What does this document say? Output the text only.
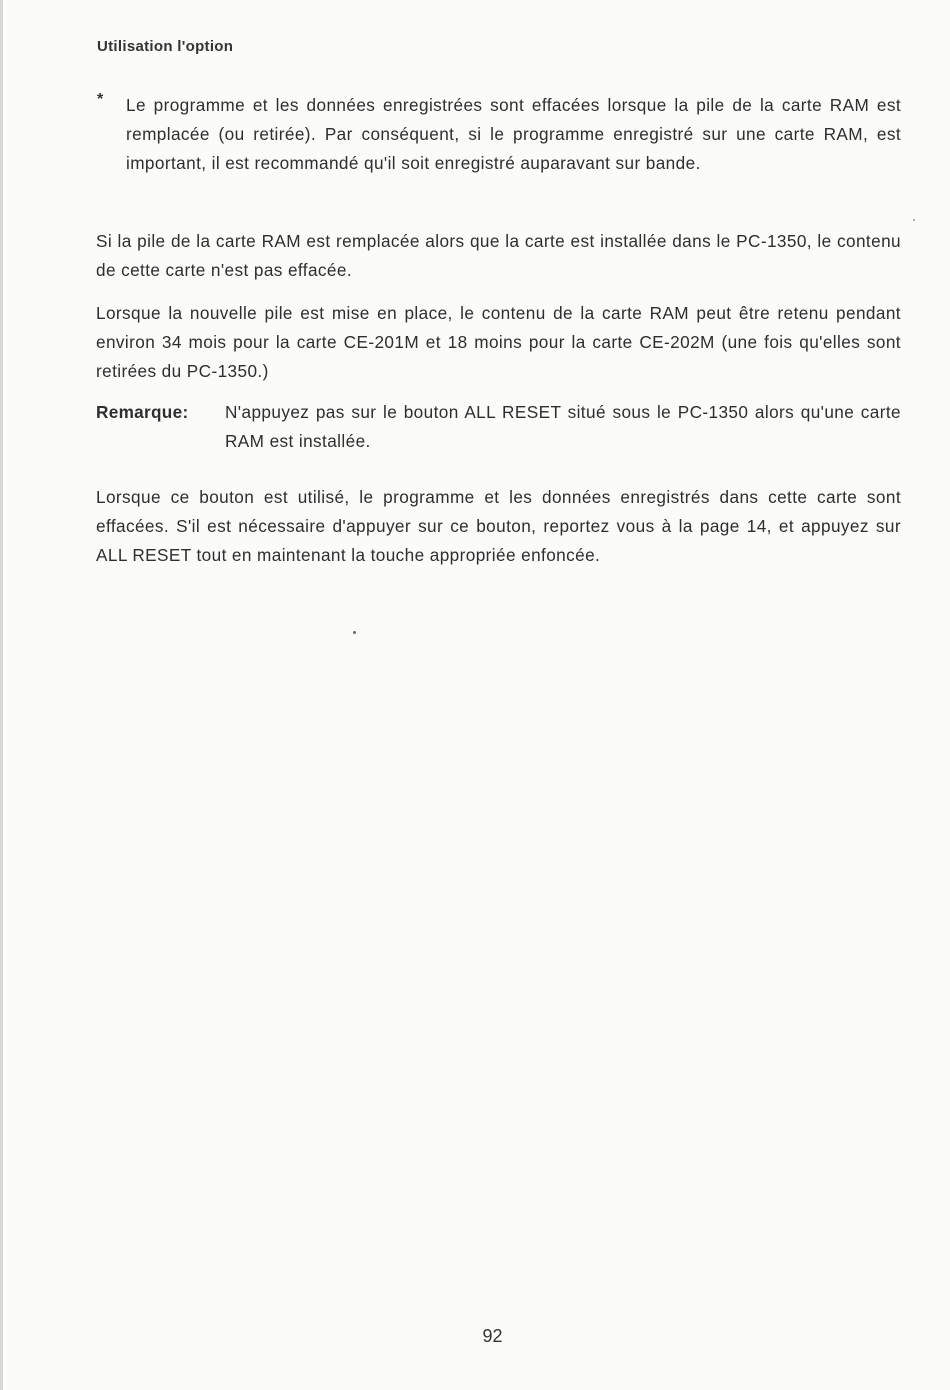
Utilisation l'option
* Le programme et les données enregistrées sont effacées lorsque la pile de la carte RAM est remplacée (ou retirée). Par conséquent, si le programme enregistré sur une carte RAM, est important, il est recommandé qu'il soit enregistré auparavant sur bande.
Si la pile de la carte RAM est remplacée alors que la carte est installée dans le PC-1350, le contenu de cette carte n'est pas effacée.
Lorsque la nouvelle pile est mise en place, le contenu de la carte RAM peut être retenu pendant environ 34 mois pour la carte CE-201M et 18 moins pour la carte CE-202M (une fois qu'elles sont retirées du PC-1350.)
Remarque: N'appuyez pas sur le bouton ALL RESET situé sous le PC-1350 alors qu'une carte RAM est installée.
Lorsque ce bouton est utilisé, le programme et les données enregistrés dans cette carte sont effacées. S'il est nécessaire d'appuyer sur ce bouton, reportez vous à la page 14, et appuyez sur ALL RESET tout en maintenant la touche appropriée enfoncée.
92
